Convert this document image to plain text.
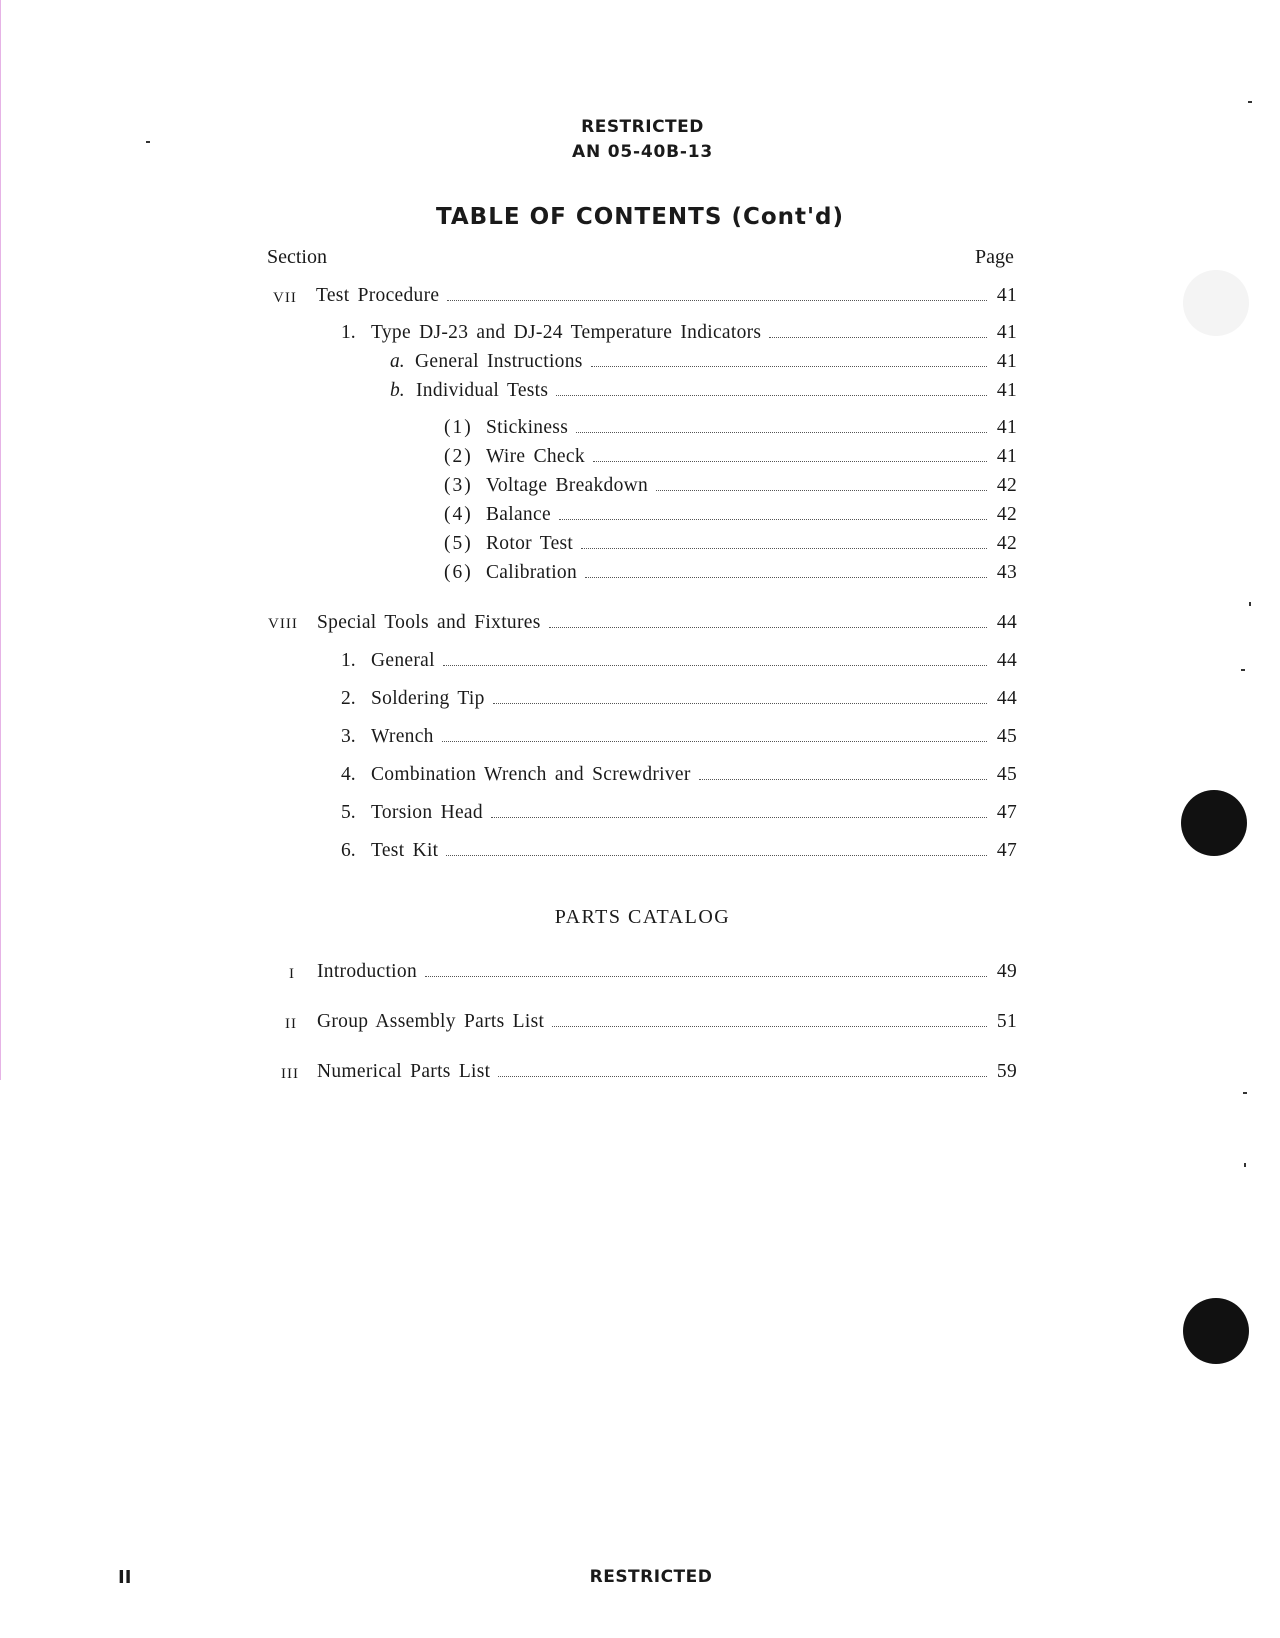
RESTRICTED
AN 05-40B-13
TABLE OF CONTENTS (Cont'd)
Section	Page
VII Test Procedure	41
1. Type DJ-23 and DJ-24 Temperature Indicators	41
a. General Instructions	41
b. Individual Tests	41
(1) Stickiness	41
(2) Wire Check	41
(3) Voltage Breakdown	42
(4) Balance	42
(5) Rotor Test	42
(6) Calibration	43
VIII Special Tools and Fixtures	44
1. General	44
2. Soldering Tip	44
3. Wrench	45
4. Combination Wrench and Screwdriver	45
5. Torsion Head	47
6. Test Kit	47
PARTS CATALOG
I Introduction	49
II Group Assembly Parts List	51
III Numerical Parts List	59
II	RESTRICTED
